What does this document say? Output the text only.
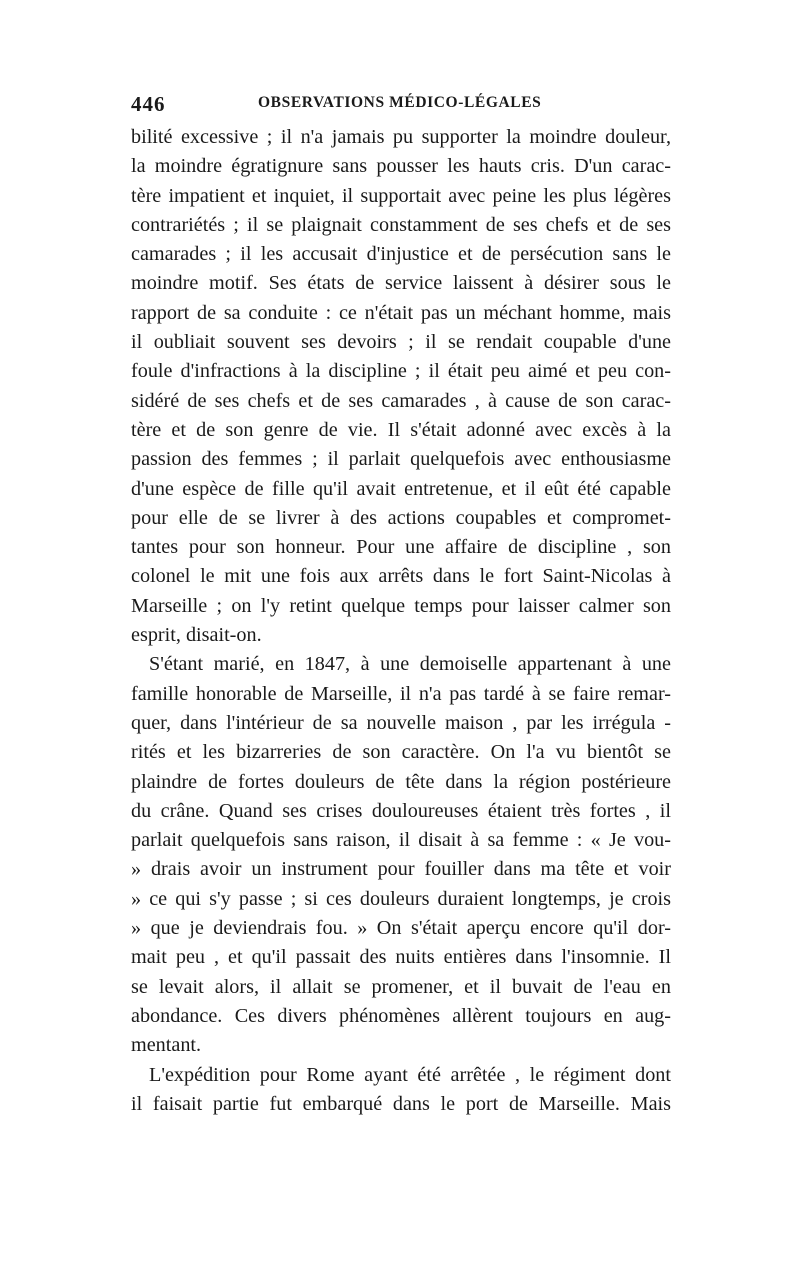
446	OBSERVATIONS MÉDICO-LÉGALES
bilité excessive ; il n'a jamais pu supporter la moindre douleur,
la moindre égratignure sans pousser les hauts cris. D'un carac-
tère impatient et inquiet, il supportait avec peine les plus légères
contrariétés ; il se plaignait constamment de ses chefs et de ses
camarades ; il les accusait d'injustice et de persécution sans le
moindre motif. Ses états de service laissent à désirer sous le
rapport de sa conduite : ce n'était pas un méchant homme, mais
il oubliait souvent ses devoirs ; il se rendait coupable d'une
foule d'infractions à la discipline ; il était peu aimé et peu con-
sidéré de ses chefs et de ses camarades , à cause de son carac-
tère et de son genre de vie. Il s'était adonné avec excès à la
passion des femmes ; il parlait quelquefois avec enthousiasme
d'une espèce de fille qu'il avait entretenue, et il eût été capable
pour elle de se livrer à des actions coupables et compromet-
tantes pour son honneur. Pour une affaire de discipline , son
colonel le mit une fois aux arrêts dans le fort Saint-Nicolas à
Marseille ; on l'y retint quelque temps pour laisser calmer son
esprit, disait-on.
S'étant marié, en 1847, à une demoiselle appartenant à une
famille honorable de Marseille, il n'a pas tardé à se faire remar-
quer, dans l'intérieur de sa nouvelle maison , par les irrégula -
rités et les bizarreries de son caractère. On l'a vu bientôt se
plaindre de fortes douleurs de tête dans la région postérieure
du crâne. Quand ses crises douloureuses étaient très fortes , il
parlait quelquefois sans raison, il disait à sa femme : « Je vou-
» drais avoir un instrument pour fouiller dans ma tête et voir
» ce qui s'y passe ; si ces douleurs duraient longtemps, je crois
» que je deviendrais fou. » On s'était aperçu encore qu'il dor-
mait peu , et qu'il passait des nuits entières dans l'insomnie. Il
se levait alors, il allait se promener, et il buvait de l'eau en
abondance. Ces divers phénomènes allèrent toujours en aug-
mentant.
L'expédition pour Rome ayant été arrêtée , le régiment dont
il faisait partie fut embarqué dans le port de Marseille. Mais
